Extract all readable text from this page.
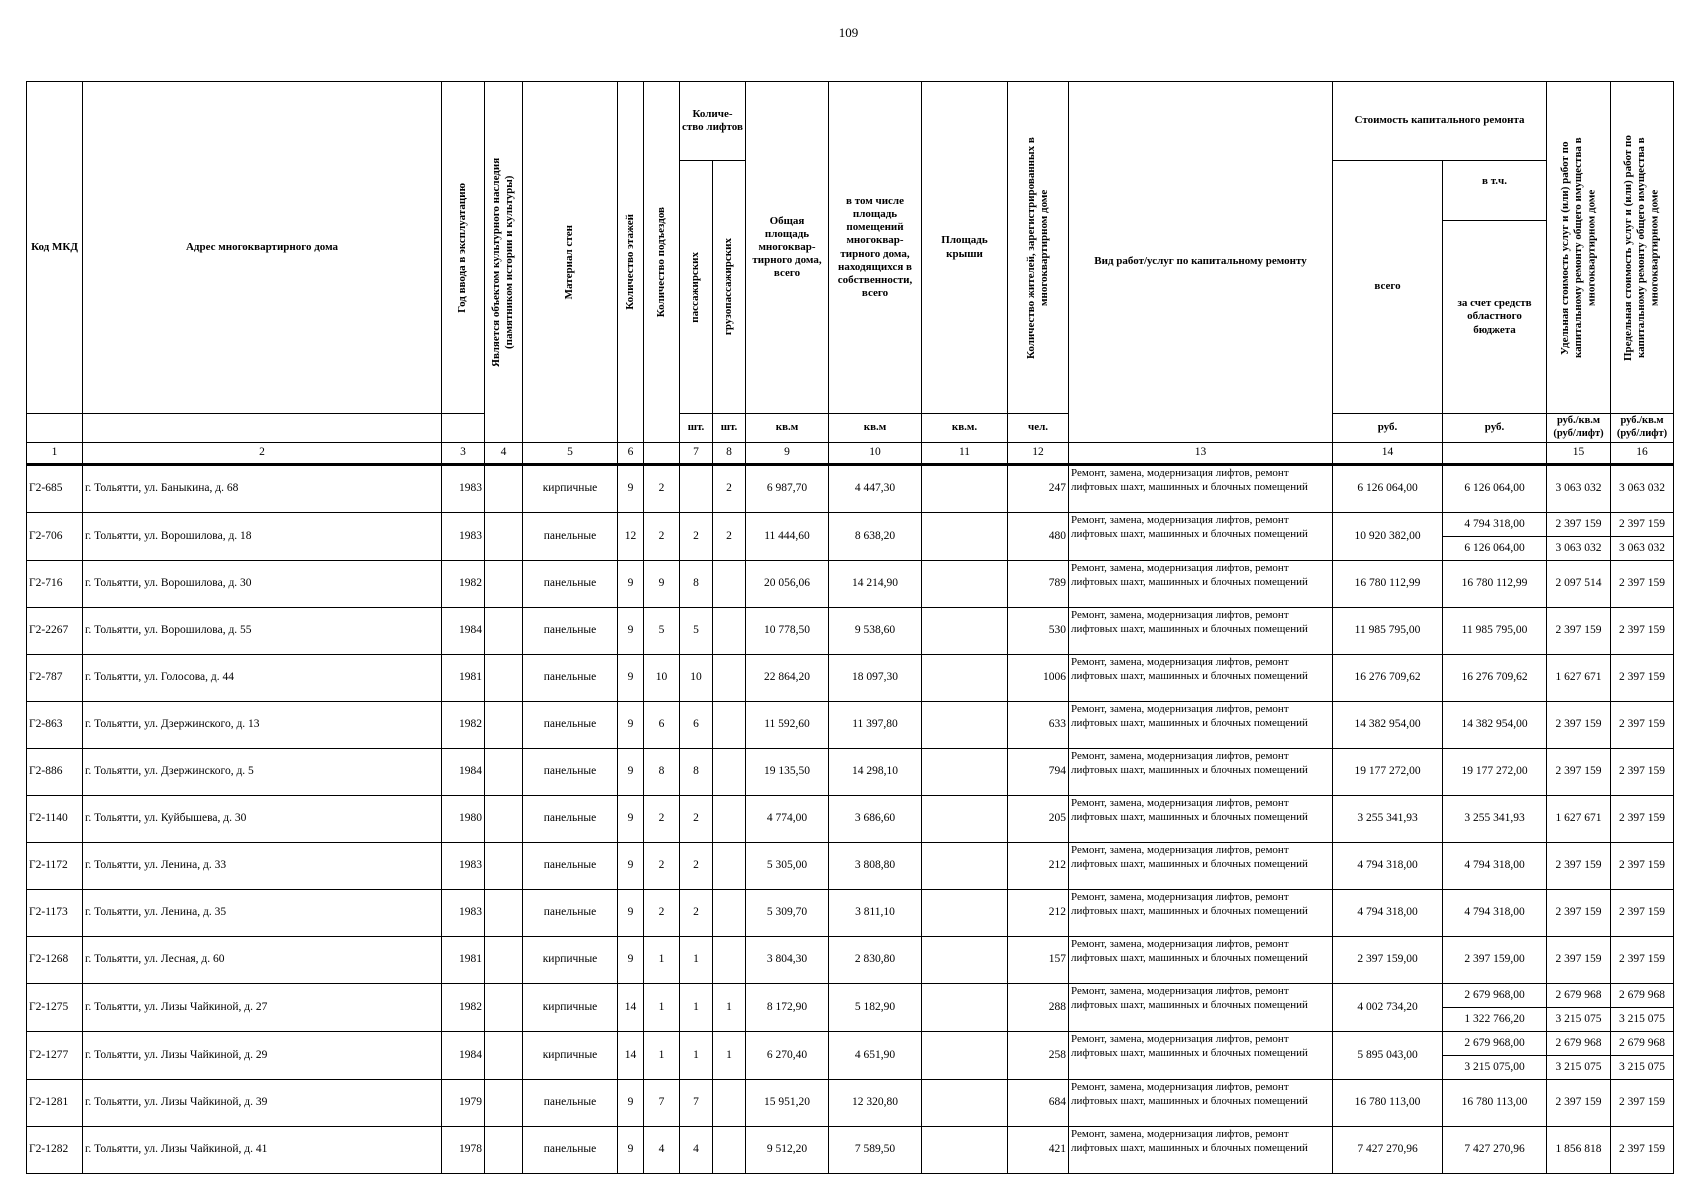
109
Код МКД	Адрес многоквартирного дома	Год ввода в эксплуатацию	Является объектом культурного наследия (памятником истории и культуры)	Материал стен	Количество этажей	Количество подъездов	Количе-ство лифтов		Общая площадь многоквар-тирного дома, всего	в том числе площадь помещений многоквар-тирного дома, находящихся в собственности, всего	Площадь крыши	Количество жителей, зарегистрированных в многоквартирном доме	Вид работ/услуг по капитальному ремонту	Стоимость капитального ремонта		Удельная стоимость услуг и (или) работ по капитальному ремонту общего имущества в многоквартирном доме	Предельная стоимость услуг и (или) работ по капитальному ремонту общего имущества в многоквартирном доме

							пассажирских	грузопассажирских						всего	в т.ч.		
															за счет средств областного бюджета		
							шт.	шт.	кв.м	кв.м	кв.м.	чел.		руб.	руб.	руб./кв.м (руб/лифт)	руб./кв.м (руб/лифт)
1	2	3	4	5	6		7	8	9	10	11	12	13	14		15	16
Г2-685	г. Тольятти, ул. Баныкина, д. 68	1983		кирпичные	9	2		2	6 987,70	4 447,30		247	Ремонт, замена, модернизация лифтов, ремонт лифтовых шахт, машинных и блочных помещений	6 126 064,00	6 126 064,00	3 063 032	3 063 032
Г2-706	г. Тольятти, ул. Ворошилова, д. 18	1983		панельные	12	2	2	2	11 444,60	8 638,20		480	Ремонт, замена, модернизация лифтов, ремонт лифтовых шахт, машинных и блочных помещений	10 920 382,00	4 794 318,00	2 397 159	2 397 159
															6 126 064,00	3 063 032	3 063 032
Г2-716	г. Тольятти, ул. Ворошилова, д. 30	1982		панельные	9	9	8		20 056,06	14 214,90		789	Ремонт, замена, модернизация лифтов, ремонт лифтовых шахт, машинных и блочных помещений	16 780 112,99	16 780 112,99	2 097 514	2 397 159
Г2-2267	г. Тольятти, ул. Ворошилова, д. 55	1984		панельные	9	5	5		10 778,50	9 538,60		530	Ремонт, замена, модернизация лифтов, ремонт лифтовых шахт, машинных и блочных помещений	11 985 795,00	11 985 795,00	2 397 159	2 397 159
Г2-787	г. Тольятти, ул. Голосова, д. 44	1981		панельные	9	10	10		22 864,20	18 097,30		1006	Ремонт, замена, модернизация лифтов, ремонт лифтовых шахт, машинных и блочных помещений	16 276 709,62	16 276 709,62	1 627 671	2 397 159
Г2-863	г. Тольятти, ул. Дзержинского, д. 13	1982		панельные	9	6	6		11 592,60	11 397,80		633	Ремонт, замена, модернизация лифтов, ремонт лифтовых шахт, машинных и блочных помещений	14 382 954,00	14 382 954,00	2 397 159	2 397 159
Г2-886	г. Тольятти, ул. Дзержинского, д. 5	1984		панельные	9	8	8		19 135,50	14 298,10		794	Ремонт, замена, модернизация лифтов, ремонт лифтовых шахт, машинных и блочных помещений	19 177 272,00	19 177 272,00	2 397 159	2 397 159
Г2-1140	г. Тольятти, ул. Куйбышева, д. 30	1980		панельные	9	2	2		4 774,00	3 686,60		205	Ремонт, замена, модернизация лифтов, ремонт лифтовых шахт, машинных и блочных помещений	3 255 341,93	3 255 341,93	1 627 671	2 397 159
Г2-1172	г. Тольятти, ул. Ленина, д. 33	1983		панельные	9	2	2		5 305,00	3 808,80		212	Ремонт, замена, модернизация лифтов, ремонт лифтовых шахт, машинных и блочных помещений	4 794 318,00	4 794 318,00	2 397 159	2 397 159
Г2-1173	г. Тольятти, ул. Ленина, д. 35	1983		панельные	9	2	2		5 309,70	3 811,10		212	Ремонт, замена, модернизация лифтов, ремонт лифтовых шахт, машинных и блочных помещений	4 794 318,00	4 794 318,00	2 397 159	2 397 159
Г2-1268	г. Тольятти, ул. Лесная, д. 60	1981		кирпичные	9	1	1		3 804,30	2 830,80		157	Ремонт, замена, модернизация лифтов, ремонт лифтовых шахт, машинных и блочных помещений	2 397 159,00	2 397 159,00	2 397 159	2 397 159
Г2-1275	г. Тольятти, ул. Лизы Чайкиной, д. 27	1982		кирпичные	14	1	1	1	8 172,90	5 182,90		288	Ремонт, замена, модернизация лифтов, ремонт лифтовых шахт, машинных и блочных помещений	4 002 734,20	2 679 968,00	2 679 968	2 679 968
															1 322 766,20	3 215 075	3 215 075
Г2-1277	г. Тольятти, ул. Лизы Чайкиной, д. 29	1984		кирпичные	14	1	1	1	6 270,40	4 651,90		258	Ремонт, замена, модернизация лифтов, ремонт лифтовых шахт, машинных и блочных помещений	5 895 043,00	2 679 968,00	2 679 968	2 679 968
															3 215 075,00	3 215 075	3 215 075
Г2-1281	г. Тольятти, ул. Лизы Чайкиной, д. 39	1979		панельные	9	7	7		15 951,20	12 320,80		684	Ремонт, замена, модернизация лифтов, ремонт лифтовых шахт, машинных и блочных помещений	16 780 113,00	16 780 113,00	2 397 159	2 397 159
Г2-1282	г. Тольятти, ул. Лизы Чайкиной, д. 41	1978		панельные	9	4	4		9 512,20	7 589,50		421	Ремонт, замена, модернизация лифтов, ремонт лифтовых шахт, машинных и блочных помещений	7 427 270,96	7 427 270,96	1 856 818	2 397 159
